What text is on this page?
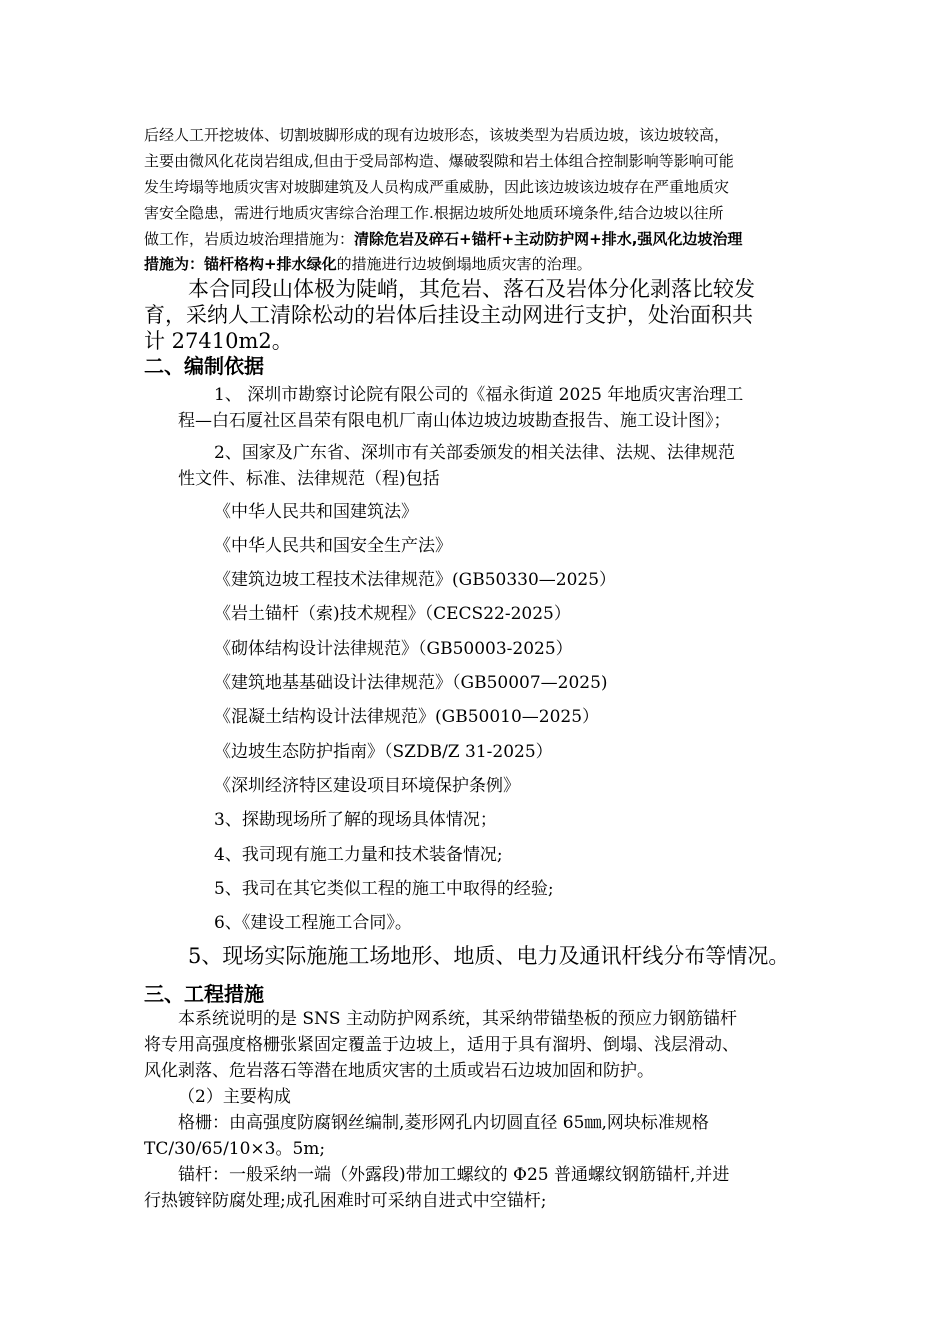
后经人工开挖坡体、切割坡脚形成的现有边坡形态，该坡类型为岩质边坡，该边坡较高，
主要由微风化花岗岩组成,但由于受局部构造、爆破裂隙和岩土体组合控制影响等影响可能
发生垮塌等地质灾害对坡脚建筑及人员构成严重威胁，因此该边坡该边坡存在严重地质灾
害安全隐患，需进行地质灾害综合治理工作.根据边坡所处地质环境条件,结合边坡以往所
做工作，岩质边坡治理措施为：清除危岩及碎石+锚杆+主动防护网+排水,强风化边坡治理
措施为：锚杆格构+排水绿化的措施进行边坡倒塌地质灾害的治理。
本合同段山体极为陡峭，其危岩、落石及岩体分化剥落比较发
育，采纳人工清除松动的岩体后挂设主动网进行支护，处治面积共
计 27410m2。
二、编制依据
1、 深圳市勘察讨论院有限公司的《福永街道 2025 年地质灾害治理工
程—白石厦社区昌荣有限电机厂南山体边坡边坡勘查报告、施工设计图》；
2、国家及广东省、深圳市有关部委颁发的相关法律、法规、法律规范
性文件、标准、法律规范（程)包括
《中华人民共和国建筑法》
《中华人民共和国安全生产法》
《建筑边坡工程技术法律规范》(GB50330—2025）
《岩土锚杆（索)技术规程》（CECS22-2025）
《砌体结构设计法律规范》（GB50003-2025）
《建筑地基基础设计法律规范》（GB50007—2025)
《混凝土结构设计法律规范》(GB50010—2025）
《边坡生态防护指南》（SZDB/Z 31-2025）
《深圳经济特区建设项目环境保护条例》
3、探勘现场所了解的现场具体情况；
4、我司现有施工力量和技术装备情况;
5、我司在其它类似工程的施工中取得的经验;
6、《建设工程施工合同》。
5、现场实际施施工场地形、地质、电力及通讯杆线分布等情况。
三、工程措施
本系统说明的是 SNS 主动防护网系统，其采纳带锚垫板的预应力钢筋锚杆
将专用高强度格栅张紧固定覆盖于边坡上，适用于具有溜坍、倒塌、浅层滑动、
风化剥落、危岩落石等潜在地质灾害的土质或岩石边坡加固和防护。
（2）主要构成
格栅：由高强度防腐钢丝编制,菱形网孔内切圆直径 65㎜,网块标准规格
TC/30/65/10×3。5m;
锚杆：一般采纳一端（外露段)带加工螺纹的 Φ25 普通螺纹钢筋锚杆,并进
行热镀锌防腐处理;成孔困难时可采纳自进式中空锚杆;
